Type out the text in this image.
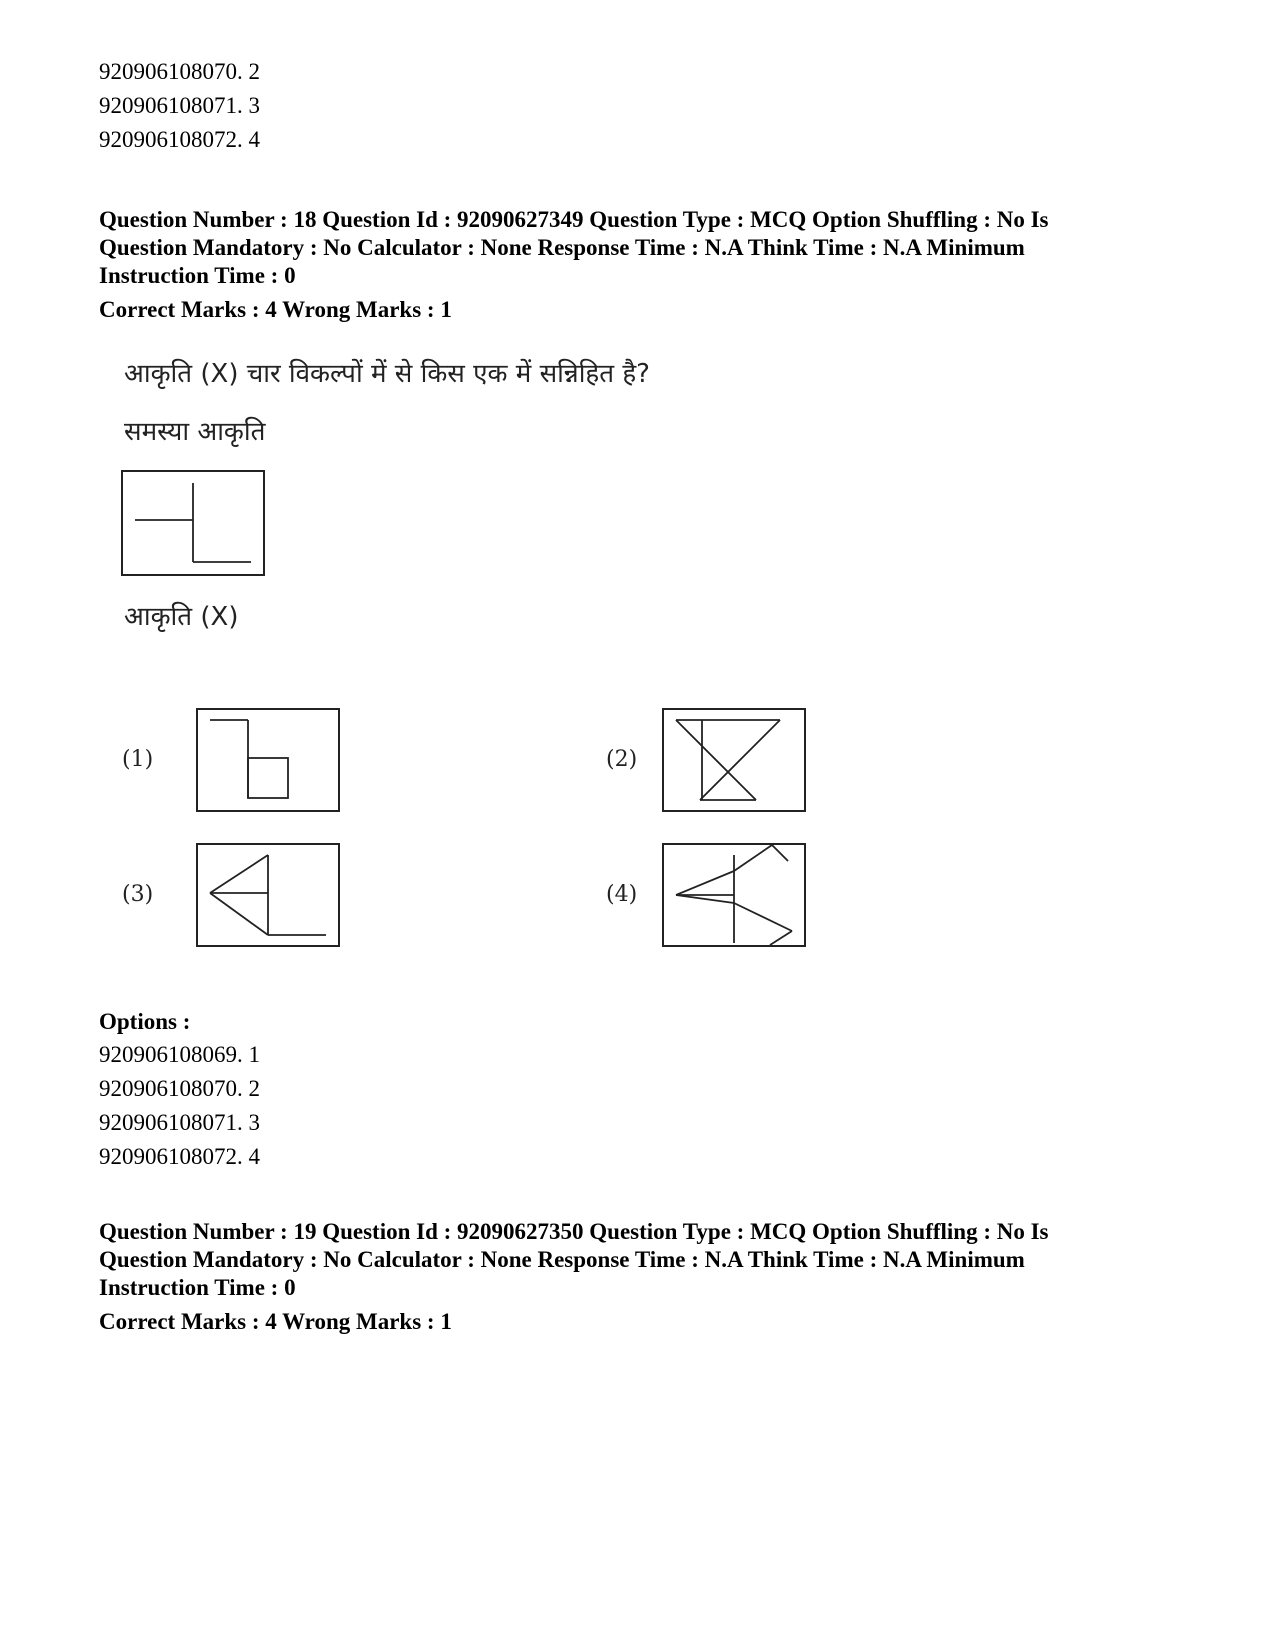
920906108070. 2
920906108071. 3
920906108072. 4
Question Number : 18 Question Id : 92090627349 Question Type : MCQ Option Shuffling : No Is
Question Mandatory : No Calculator : None Response Time : N.A Think Time : N.A Minimum
Instruction Time : 0
Correct Marks : 4 Wrong Marks : 1
आकृति (X) चार विकल्पों में से किस एक में सन्निहित है?
समस्या आकृति
आकृति (X)
(1)	(2)
(3)	(4)
Options :
920906108069. 1
920906108070. 2
920906108071. 3
920906108072. 4
Question Number : 19 Question Id : 92090627350 Question Type : MCQ Option Shuffling : No Is
Question Mandatory : No Calculator : None Response Time : N.A Think Time : N.A Minimum
Instruction Time : 0
Correct Marks : 4 Wrong Marks : 1
